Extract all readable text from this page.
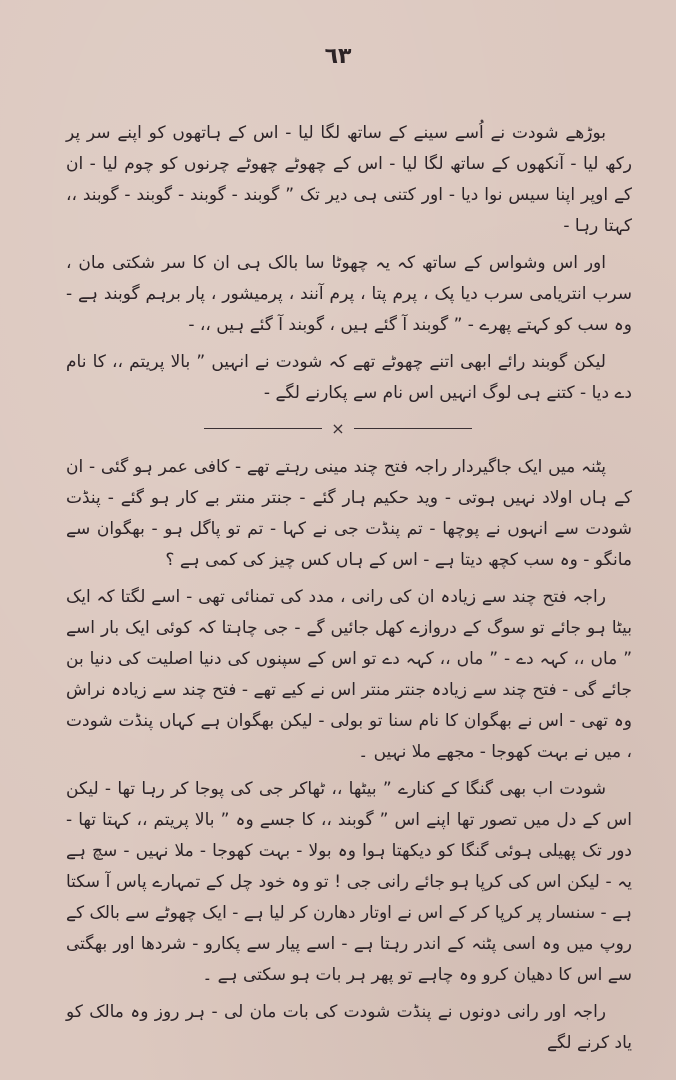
٦٣

بوڑھے شودت نے اُسے سینے کے ساتھ لگا لیا - اس کے ہاتھوں کو اپنے سر پر رکھ لیا - آنکھوں کے ساتھ لگا لیا - اس کے چھوٹے چھوٹے چرنوں کو چوم لیا - ان کے اوپر اپنا سیس نوا دیا - اور کتنی ہی دیر تک ” گوبند - گوبند - گوبند - گوبند ،، کہتا رہا -

اور اس وشواس کے ساتھ کہ یہ چھوٹا سا بالک ہی ان کا سر شکتی مان ، سرب انتریامی سرب دیا پک ، پرم پتا ، پرم آنند ، پرمیشور ، پار برہم گوبند ہے - وہ سب کو کہتے پھرے - ” گوبند آ گئے ہیں ، گوبند آ گئے ہیں ،، -

لیکن گوبند رائے ابھی اتنے چھوٹے تھے کہ شودت نے انہیں ” بالا پریتم ،، کا نام دے دیا - کتنے ہی لوگ انہیں اس نام سے پکارنے لگے -

×

پٹنہ میں ایک جاگیردار راجہ فتح چند مینی رہتے تھے - کافی عمر ہو گئی - ان کے ہاں اولاد نہیں ہوتی - وید حکیم ہار گئے - جنتر منتر بے کار ہو گئے - پنڈت شودت سے انہوں نے پوچھا - تم پنڈت جی نے کہا - تم تو پاگل ہو - بھگوان سے مانگو - وہ سب کچھ دیتا ہے - اس کے ہاں کس چیز کی کمی ہے ؟

راجہ فتح چند سے زیادہ ان کی رانی ، مدد کی تمنائی تھی - اسے لگتا کہ ایک بیٹا ہو جائے تو سوگ کے دروازے کھل جائیں گے - جی چاہتا کہ کوئی ایک بار اسے ” ماں ،، کہہ دے - ” ماں ،، کہہ دے تو اس کے سپنوں کی دنیا اصلیت کی دنیا بن جائے گی - فتح چند سے زیادہ جنتر منتر اس نے کیے تھے - فتح چند سے زیادہ نراش وہ تھی - اس نے بھگوان کا نام سنا تو بولی - لیکن بھگوان ہے کہاں پنڈت شودت ، میں نے بہت کھوجا - مجھے ملا نہیں ۔

شودت اب بھی گنگا کے کنارے ” بیٹھا ،، ٹھاکر جی کی پوجا کر رہا تھا - لیکن اس کے دل میں تصور تھا اپنے اس ” گوبند ،، کا جسے وہ ” بالا پریتم ،، کہتا تھا - دور تک پھیلی ہوئی گنگا کو دیکھتا ہوا وہ بولا - بہت کھوجا - ملا نہیں - سچ ہے یہ - لیکن اس کی کرپا ہو جائے رانی جی ! تو وہ خود چل کے تمہارے پاس آ سکتا ہے - سنسار پر کرپا کر کے اس نے اوتار دھارن کر لیا ہے - ایک چھوٹے سے بالک کے روپ میں وہ اسی پٹنہ کے اندر رہتا ہے - اسے پیار سے پکارو - شردھا اور بھگتی سے اس کا دھیان کرو وہ چاہے تو پھر ہر بات ہو سکتی ہے ۔

راجہ اور رانی دونوں نے پنڈت شودت کی بات مان لی - ہر روز وہ مالک کو یاد کرنے لگے
